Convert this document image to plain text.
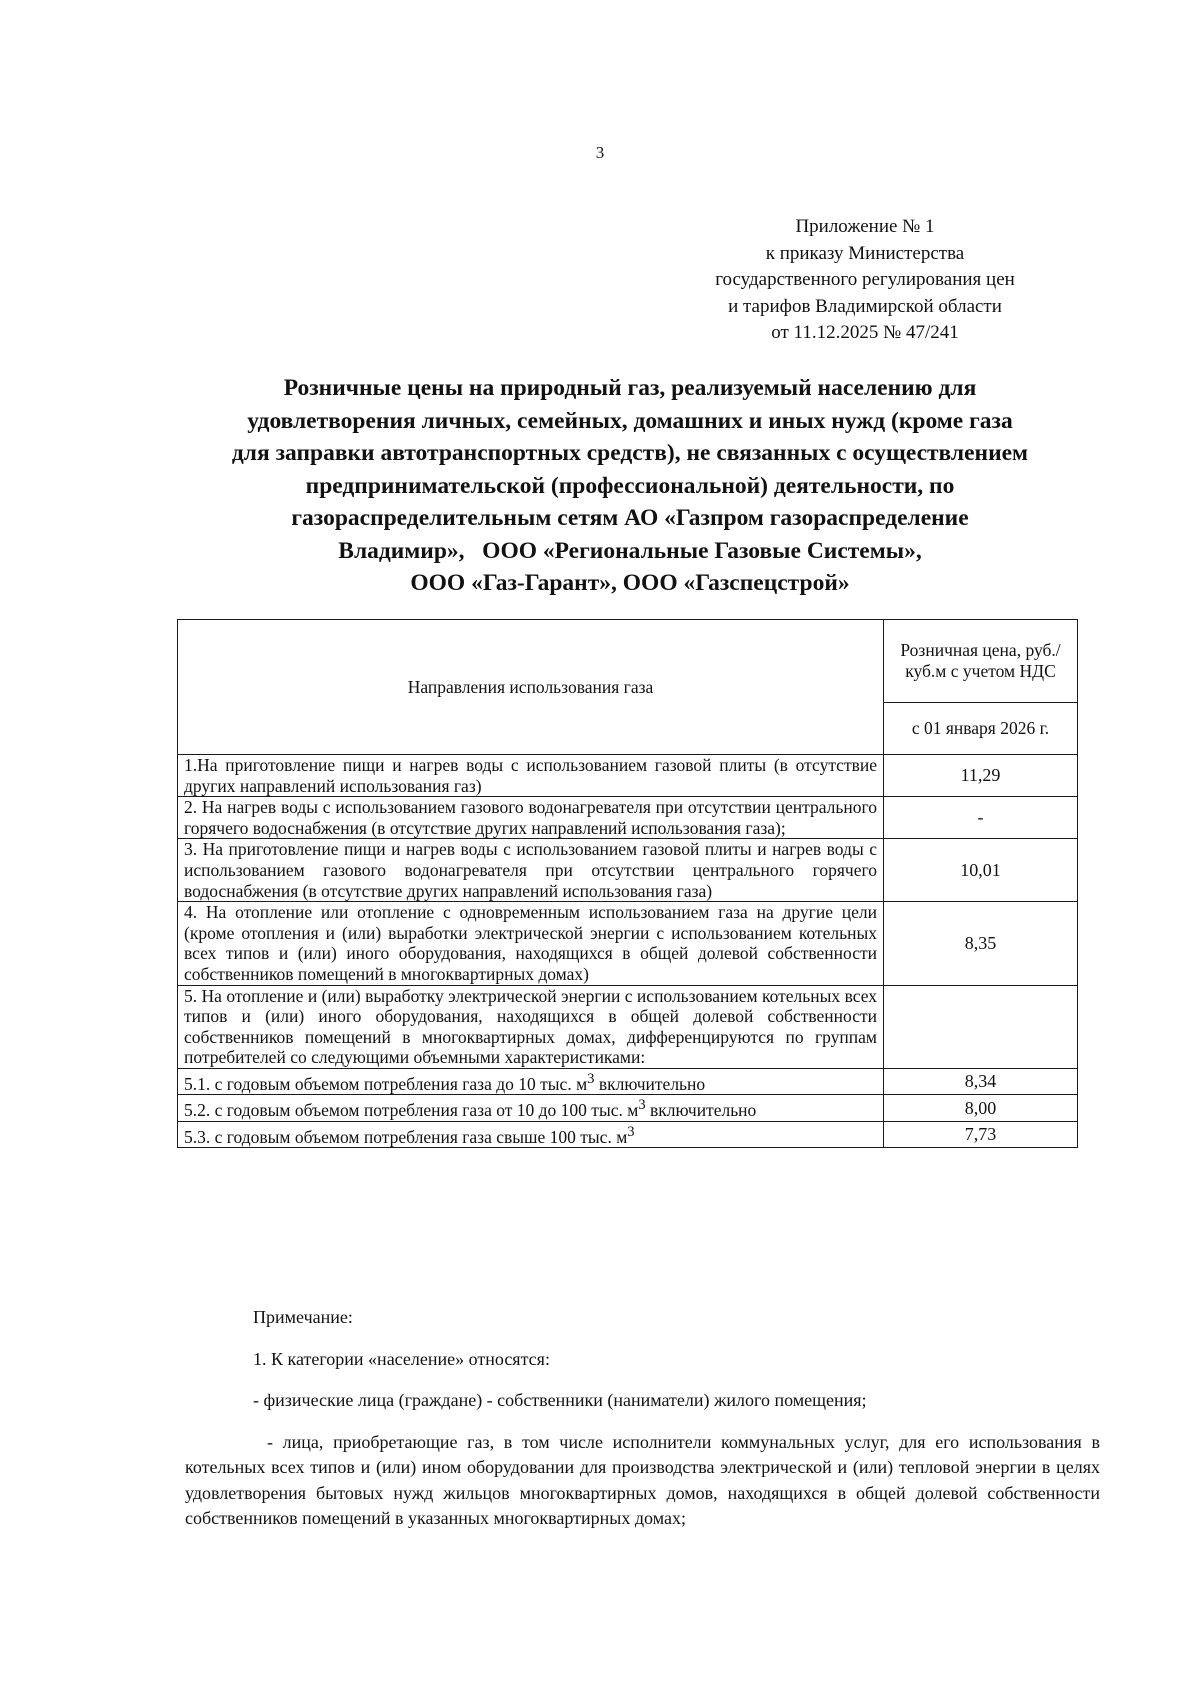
3
Приложение № 1
к приказу Министерства
государственного регулирования цен
и тарифов Владимирской области
от 11.12.2025 № 47/241
Розничные цены на природный газ, реализуемый населению для
удовлетворения личных, семейных, домашних и иных нужд (кроме газа
для заправки автотранспортных средств), не связанных с осуществлением
предпринимательской (профессиональной) деятельности, по
газораспределительным сетям АО «Газпром газораспределение
Владимир»,   ООО «Региональные Газовые Системы»,
ООО «Газ-Гарант», ООО «Газспецстрой»
Направления использования газа	Розничная цена, руб./куб.м с учетом НДС
	с 01 января 2026 г.
1.На приготовление пищи и нагрев воды с использованием газовой плиты (в отсутствие других направлений использования газ)	11,29
2. На нагрев воды с использованием газового водонагревателя при отсутствии центрального горячего водоснабжения (в отсутствие других направлений использования газа);	-
3. На приготовление пищи и нагрев воды с использованием газовой плиты и нагрев воды с использованием газового водонагревателя при отсутствии центрального горячего водоснабжения (в отсутствие других направлений использования газа)	10,01
4. На отопление или отопление с одновременным использованием газа на другие цели (кроме отопления и (или) выработки электрической энергии с использованием котельных всех типов и (или) иного оборудования, находящихся в общей долевой собственности собственников помещений в многоквартирных домах)	8,35
5. На отопление и (или) выработку электрической энергии с использованием котельных всех типов и (или) иного оборудования, находящихся в общей долевой собственности собственников помещений в многоквартирных домах, дифференцируются по группам потребителей со следующими объемными характеристиками:	
5.1. с годовым объемом потребления газа до 10 тыс. $м^3$ включительно	8,34
5.2. с годовым объемом потребления газа от 10 до 100 тыс. $м^3$ включительно	8,00
5.3. с годовым объемом потребления газа свыше 100 тыс. $м^3$	7,73

Примечание:

1. К категории «население» относятся:

- физические лица (граждане) - собственники (наниматели) жилого помещения;

- лица, приобретающие газ, в том числе исполнители коммунальных услуг, для его использования в котельных всех типов и (или) ином оборудовании для производства электрической и (или) тепловой энергии в целях удовлетворения бытовых нужд жильцов многоквартирных домов, находящихся в общей долевой собственности собственников помещений в указанных многоквартирных домах;
